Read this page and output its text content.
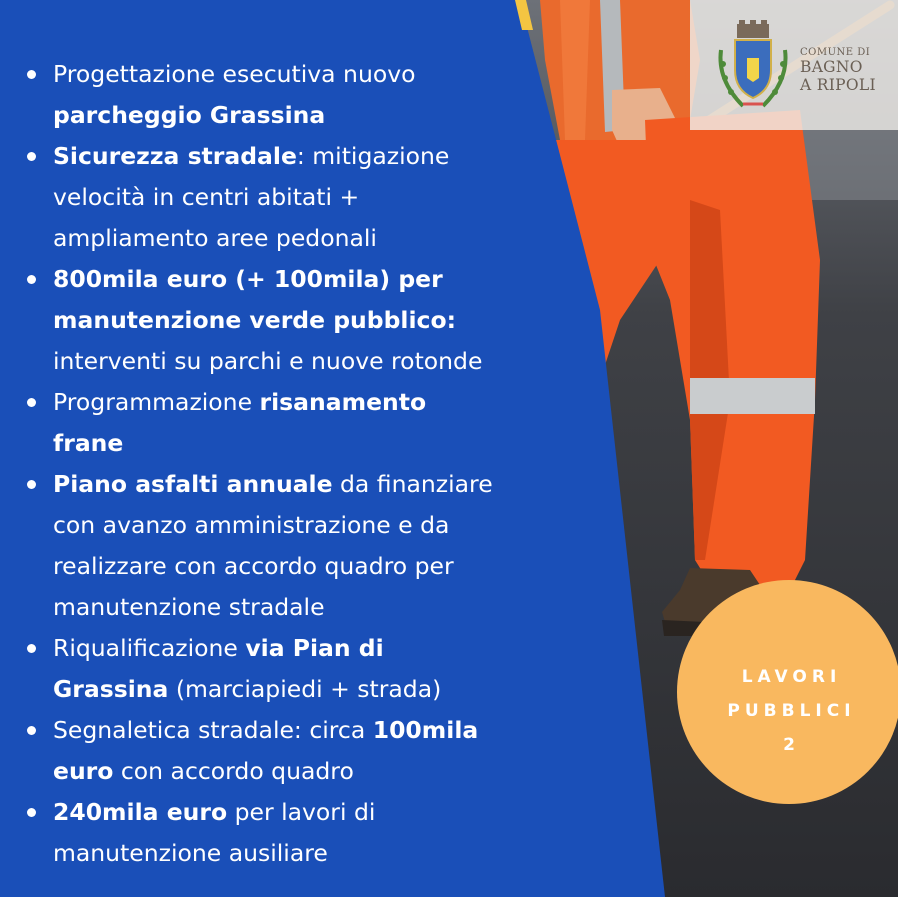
COMUNE DI
BAGNO
A RIPOLI
Progettazione esecutiva nuovo
parcheggio Grassina
Sicurezza stradale: mitigazione
velocità in centri abitati +
ampliamento aree pedonali
800mila euro (+ 100mila) per
manutenzione verde pubblico:
interventi su parchi e nuove rotonde
Programmazione risanamento
frane
Piano asfalti annuale da finanziare
con avanzo amministrazione e da
realizzare con accordo quadro per
manutenzione stradale
Riqualificazione via Pian di
Grassina (marciapiedi + strada)
Segnaletica stradale: circa 100mila
euro con accordo quadro
240mila euro per lavori di
manutenzione ausiliare
LAVORI
PUBBLICI
2
